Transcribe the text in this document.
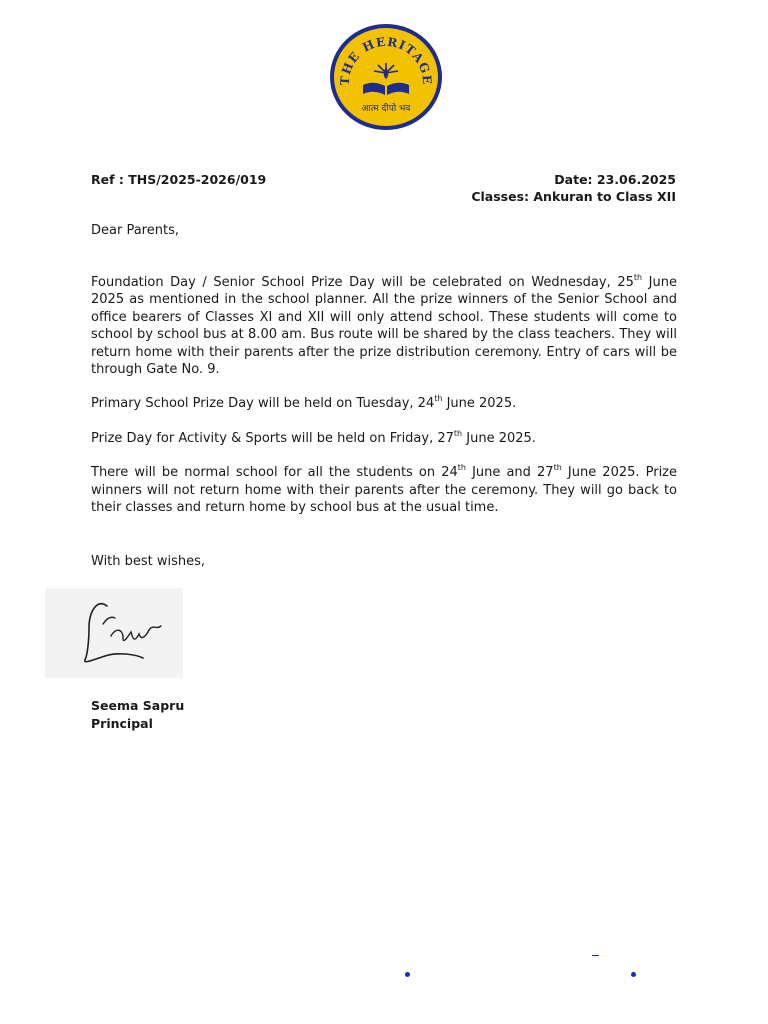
THE HERITAGE
आत्म दीपो भव
Ref : THS/2025-2026/019	Date: 23.06.2025
Classes: Ankuran to Class XII
Dear Parents,

Foundation Day / Senior School Prize Day will be celebrated on Wednesday, 25th June 2025 as mentioned in the school planner. All the prize winners of the Senior School and office bearers of Classes XI and XII will only attend school. These students will come to school by school bus at 8.00 am. Bus route will be shared by the class teachers. They will return home with their parents after the prize distribution ceremony. Entry of cars will be through Gate No. 9.

Primary School Prize Day will be held on Tuesday, 24th June 2025.

Prize Day for Activity & Sports will be held on Friday, 27th June 2025.

There will be normal school for all the students on 24th June and 27th June 2025. Prize winners will not return home with their parents after the ceremony. They will go back to their classes and return home by school bus at the usual time.

With best wishes,
Seema Sapru
Principal
